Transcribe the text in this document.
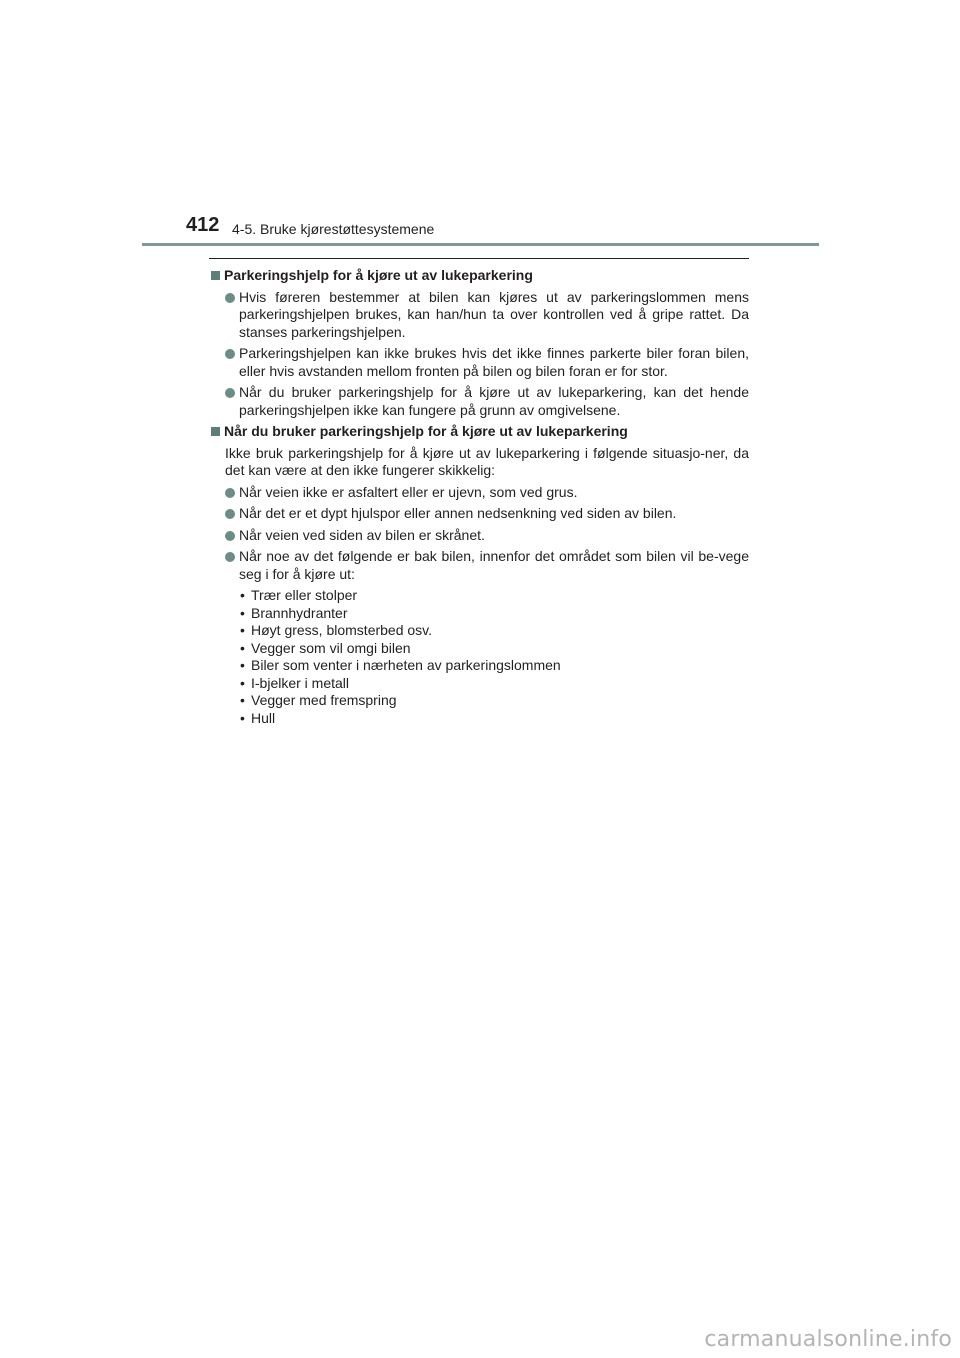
412 4-5. Bruke kjørestøttesystemene
Parkeringshjelp for å kjøre ut av lukeparkering
Hvis føreren bestemmer at bilen kan kjøres ut av parkeringslommen mens parkeringshjelpen brukes, kan han/hun ta over kontrollen ved å gripe rattet. Da stanses parkeringshjelpen.
Parkeringshjelpen kan ikke brukes hvis det ikke finnes parkerte biler foran bilen, eller hvis avstanden mellom fronten på bilen og bilen foran er for stor.
Når du bruker parkeringshjelp for å kjøre ut av lukeparkering, kan det hende parkeringshjelpen ikke kan fungere på grunn av omgivelsene.
Når du bruker parkeringshjelp for å kjøre ut av lukeparkering
Ikke bruk parkeringshjelp for å kjøre ut av lukeparkering i følgende situasjo-ner, da det kan være at den ikke fungerer skikkelig:
Når veien ikke er asfaltert eller er ujevn, som ved grus.
Når det er et dypt hjulspor eller annen nedsenkning ved siden av bilen.
Når veien ved siden av bilen er skrånet.
Når noe av det følgende er bak bilen, innenfor det området som bilen vil be-vege seg i for å kjøre ut:
• Trær eller stolper
• Brannhydranter
• Høyt gress, blomsterbed osv.
• Vegger som vil omgi bilen
• Biler som venter i nærheten av parkeringslommen
• I-bjelker i metall
• Vegger med fremspring
• Hull
carmanualsonline.info
